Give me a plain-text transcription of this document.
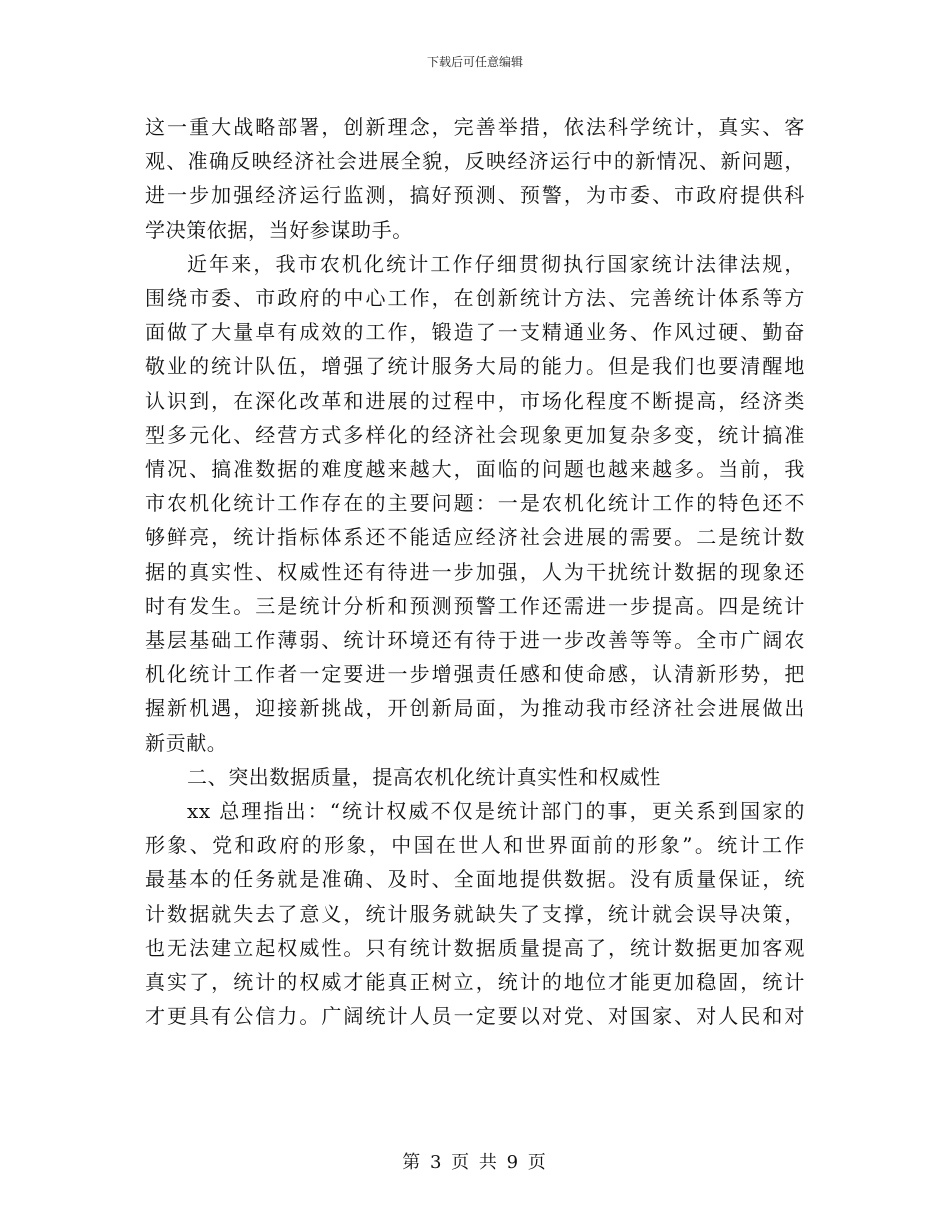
下载后可任意编辑

这一重大战略部署，创新理念，完善举措，依法科学统计，真实、客

观、准确反映经济社会进展全貌，反映经济运行中的新情况、新问题，

进一步加强经济运行监测，搞好预测、预警，为市委、市政府提供科

学决策依据，当好参谋助手。

近年来，我市农机化统计工作仔细贯彻执行国家统计法律法规，

围绕市委、市政府的中心工作，在创新统计方法、完善统计体系等方

面做了大量卓有成效的工作，锻造了一支精通业务、作风过硬、勤奋

敬业的统计队伍，增强了统计服务大局的能力。但是我们也要清醒地

认识到，在深化改革和进展的过程中，市场化程度不断提高，经济类

型多元化、经营方式多样化的经济社会现象更加复杂多变，统计搞准

情况、搞准数据的难度越来越大，面临的问题也越来越多。当前，我

市农机化统计工作存在的主要问题：一是农机化统计工作的特色还不

够鲜亮，统计指标体系还不能适应经济社会进展的需要。二是统计数

据的真实性、权威性还有待进一步加强，人为干扰统计数据的现象还

时有发生。三是统计分析和预测预警工作还需进一步提高。四是统计

基层基础工作薄弱、统计环境还有待于进一步改善等等。全市广阔农

机化统计工作者一定要进一步增强责任感和使命感，认清新形势，把

握新机遇，迎接新挑战，开创新局面，为推动我市经济社会进展做出

新贡献。

二、突出数据质量，提高农机化统计真实性和权威性

xx 总理指出：“统计权威不仅是统计部门的事，更关系到国家的

形象、党和政府的形象，中国在世人和世界面前的形象”。统计工作

最基本的任务就是准确、及时、全面地提供数据。没有质量保证，统

计数据就失去了意义，统计服务就缺失了支撑，统计就会误导决策，

也无法建立起权威性。只有统计数据质量提高了，统计数据更加客观

真实了，统计的权威才能真正树立，统计的地位才能更加稳固，统计

才更具有公信力。广阔统计人员一定要以对党、对国家、对人民和对

第 3 页 共 9 页
